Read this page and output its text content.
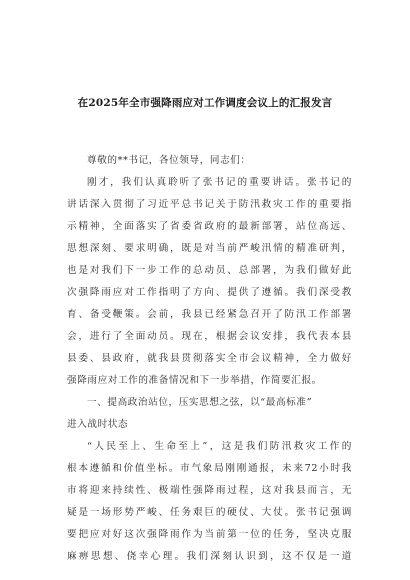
在2025年全市强降雨应对工作调度会议上的汇报发言
尊敬的**书记，各位领导，同志们：
刚才，我们认真聆听了张书记的重要讲话。张书记的
讲话深入贯彻了习近平总书记关于防汛救灾工作的重要指
示精神，全面落实了省委省政府的最新部署，站位高远、
思想深刻、要求明确，既是对当前严峻汛情的精准研判，
也是对我们下一步工作的总动员、总部署，为我们做好此
次强降雨应对工作指明了方向、提供了遵循。我们深受教
育、备受鞭策。会前，我县已经紧急召开了防汛工作部署
会，进行了全面动员。现在，根据会议安排，我代表本县
县委、县政府，就我县贯彻落实全市会议精神，全力做好
强降雨应对工作的准备情况和下一步举措，作简要汇报。
一、提高政治站位，压实思想之弦，以“最高标准”
进入战时状态
“人民至上、生命至上”，这是我们防汛救灾工作的
根本遵循和价值坐标。市气象局刚刚通报，未来72小时我
市将迎来持续性、极端性强降雨过程，这对我县而言，无
疑是一场形势严峻、任务艰巨的硬仗、大仗。张书记强调
要把应对好这次强降雨作为当前第一位的任务，坚决克服
麻痹思想、侥幸心理。我们深刻认识到，这不仅是一道
